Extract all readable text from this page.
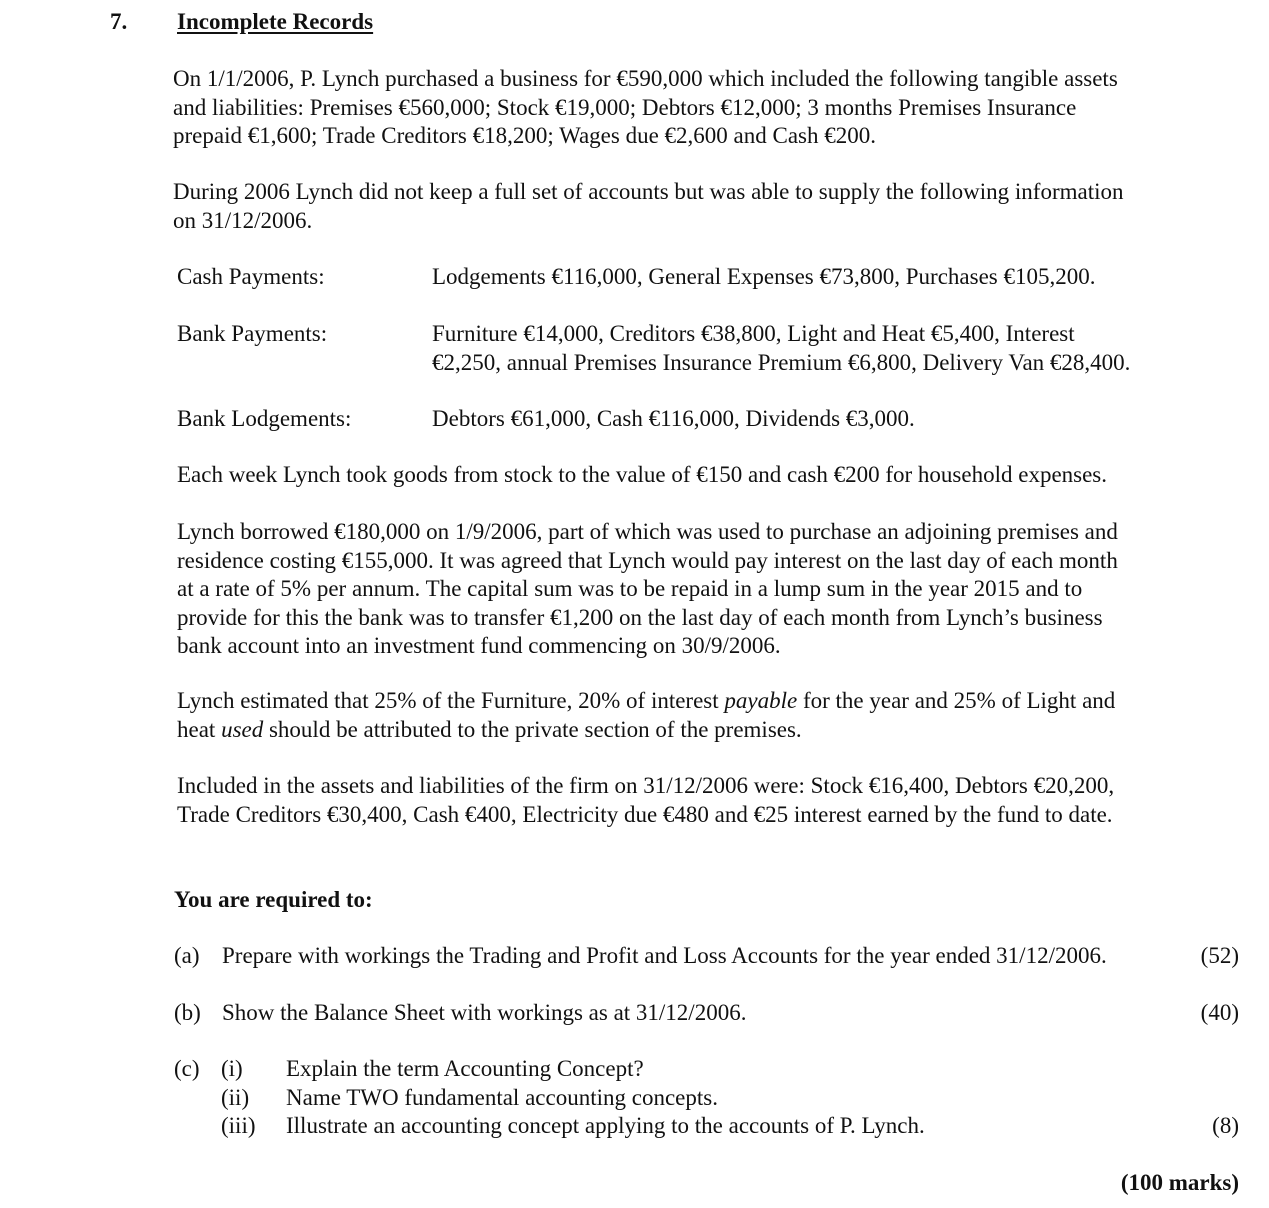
7. Incomplete Records
On 1/1/2006, P. Lynch purchased a business for €590,000 which included the following tangible assets
and liabilities: Premises €560,000; Stock €19,000; Debtors €12,000; 3 months Premises Insurance
prepaid €1,600; Trade Creditors €18,200; Wages due €2,600 and Cash €200.
During 2006 Lynch did not keep a full set of accounts but was able to supply the following information
on 31/12/2006.
Cash Payments:	Lodgements €116,000, General Expenses €73,800, Purchases €105,200.
Bank Payments:	Furniture €14,000, Creditors €38,800, Light and Heat €5,400, Interest
€2,250, annual Premises Insurance Premium €6,800, Delivery Van €28,400.
Bank Lodgements:	Debtors €61,000, Cash €116,000, Dividends €3,000.
Each week Lynch took goods from stock to the value of €150 and cash €200 for household expenses.
Lynch borrowed €180,000 on 1/9/2006, part of which was used to purchase an adjoining premises and
residence costing €155,000. It was agreed that Lynch would pay interest on the last day of each month
at a rate of 5% per annum. The capital sum was to be repaid in a lump sum in the year 2015 and to
provide for this the bank was to transfer €1,200 on the last day of each month from Lynch’s business
bank account into an investment fund commencing on 30/9/2006.
Lynch estimated that 25% of the Furniture, 20% of interest payable for the year and 25% of Light and
heat used should be attributed to the private section of the premises.
Included in the assets and liabilities of the firm on 31/12/2006 were: Stock €16,400, Debtors €20,200,
Trade Creditors €30,400, Cash €400, Electricity due €480 and €25 interest earned by the fund to date.
You are required to:
(a) Prepare with workings the Trading and Profit and Loss Accounts for the year ended 31/12/2006.	(52)
(b) Show the Balance Sheet with workings as at 31/12/2006.	(40)
(c) (i) Explain the term Accounting Concept?
(ii) Name TWO fundamental accounting concepts.
(iii) Illustrate an accounting concept applying to the accounts of P. Lynch.	(8)
(100 marks)
